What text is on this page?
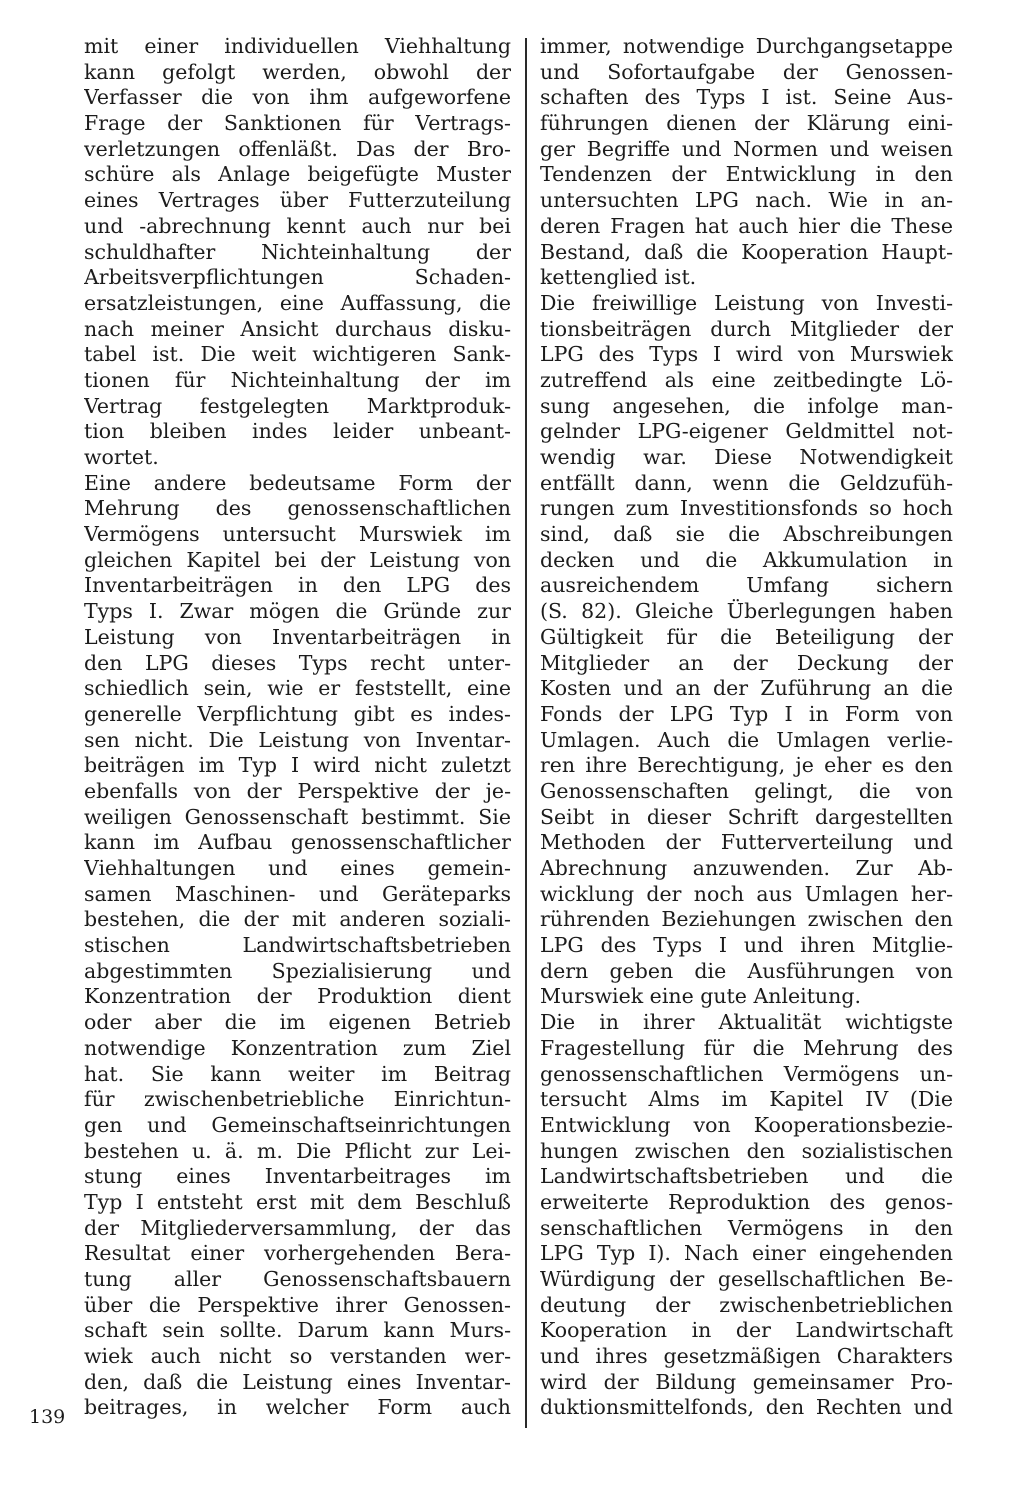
mit einer individuellen Viehhaltung
kann gefolgt werden, obwohl der
Verfasser die von ihm aufgeworfene
Frage der Sanktionen für Vertrags-
verletzungen offenläßt. Das der Bro-
schüre als Anlage beigefügte Muster
eines Vertrages über Futterzuteilung
und -abrechnung kennt auch nur bei
schuldhafter Nichteinhaltung der
Arbeitsverpflichtungen Schaden-
ersatzleistungen, eine Auffassung, die
nach meiner Ansicht durchaus disku-
tabel ist. Die weit wichtigeren Sank-
tionen für Nichteinhaltung der im
Vertrag festgelegten Marktproduk-
tion bleiben indes leider unbeant-
wortet.
Eine andere bedeutsame Form der
Mehrung des genossenschaftlichen
Vermögens untersucht Murswiek im
gleichen Kapitel bei der Leistung von
Inventarbeiträgen in den LPG des
Typs I. Zwar mögen die Gründe zur
Leistung von Inventarbeiträgen in
den LPG dieses Typs recht unter-
schiedlich sein, wie er feststellt, eine
generelle Verpflichtung gibt es indes-
sen nicht. Die Leistung von Inventar-
beiträgen im Typ I wird nicht zuletzt
ebenfalls von der Perspektive der je-
weiligen Genossenschaft bestimmt. Sie
kann im Aufbau genossenschaftlicher
Viehhaltungen und eines gemein-
samen Maschinen- und Geräteparks
bestehen, die der mit anderen soziali-
stischen Landwirtschaftsbetrieben
abgestimmten Spezialisierung und
Konzentration der Produktion dient
oder aber die im eigenen Betrieb
notwendige Konzentration zum Ziel
hat. Sie kann weiter im Beitrag
für zwischenbetriebliche Einrichtun-
gen und Gemeinschaftseinrichtungen
bestehen u. ä. m. Die Pflicht zur Lei-
stung eines Inventarbeitrages im
Typ I entsteht erst mit dem Beschluß
der Mitgliederversammlung, der das
Resultat einer vorhergehenden Bera-
tung aller Genossenschaftsbauern
über die Perspektive ihrer Genossen-
schaft sein sollte. Darum kann Murs-
wiek auch nicht so verstanden wer-
den, daß die Leistung eines Inventar-
beitrages, in welcher Form auch
immer, notwendige Durchgangsetappe
und Sofortaufgabe der Genossen-
schaften des Typs I ist. Seine Aus-
führungen dienen der Klärung eini-
ger Begriffe und Normen und weisen
Tendenzen der Entwicklung in den
untersuchten LPG nach. Wie in an-
deren Fragen hat auch hier die These
Bestand, daß die Kooperation Haupt-
kettenglied ist.
Die freiwillige Leistung von Investi-
tionsbeiträgen durch Mitglieder der
LPG des Typs I wird von Murswiek
zutreffend als eine zeitbedingte Lö-
sung angesehen, die infolge man-
gelnder LPG-eigener Geldmittel not-
wendig war. Diese Notwendigkeit
entfällt dann, wenn die Geldzufüh-
rungen zum Investitionsfonds so hoch
sind, daß sie die Abschreibungen
decken und die Akkumulation in
ausreichendem Umfang sichern
(S. 82). Gleiche Überlegungen haben
Gültigkeit für die Beteiligung der
Mitglieder an der Deckung der
Kosten und an der Zuführung an die
Fonds der LPG Typ I in Form von
Umlagen. Auch die Umlagen verlie-
ren ihre Berechtigung, je eher es den
Genossenschaften gelingt, die von
Seibt in dieser Schrift dargestellten
Methoden der Futterverteilung und
Abrechnung anzuwenden. Zur Ab-
wicklung der noch aus Umlagen her-
rührenden Beziehungen zwischen den
LPG des Typs I und ihren Mitglie-
dern geben die Ausführungen von
Murswiek eine gute Anleitung.
Die in ihrer Aktualität wichtigste
Fragestellung für die Mehrung des
genossenschaftlichen Vermögens un-
tersucht Alms im Kapitel IV (Die
Entwicklung von Kooperationsbezie-
hungen zwischen den sozialistischen
Landwirtschaftsbetrieben und die
erweiterte Reproduktion des genos-
senschaftlichen Vermögens in den
LPG Typ I). Nach einer eingehenden
Würdigung der gesellschaftlichen Be-
deutung der zwischenbetrieblichen
Kooperation in der Landwirtschaft
und ihres gesetzmäßigen Charakters
wird der Bildung gemeinsamer Pro-
duktionsmittelfonds, den Rechten und
139
